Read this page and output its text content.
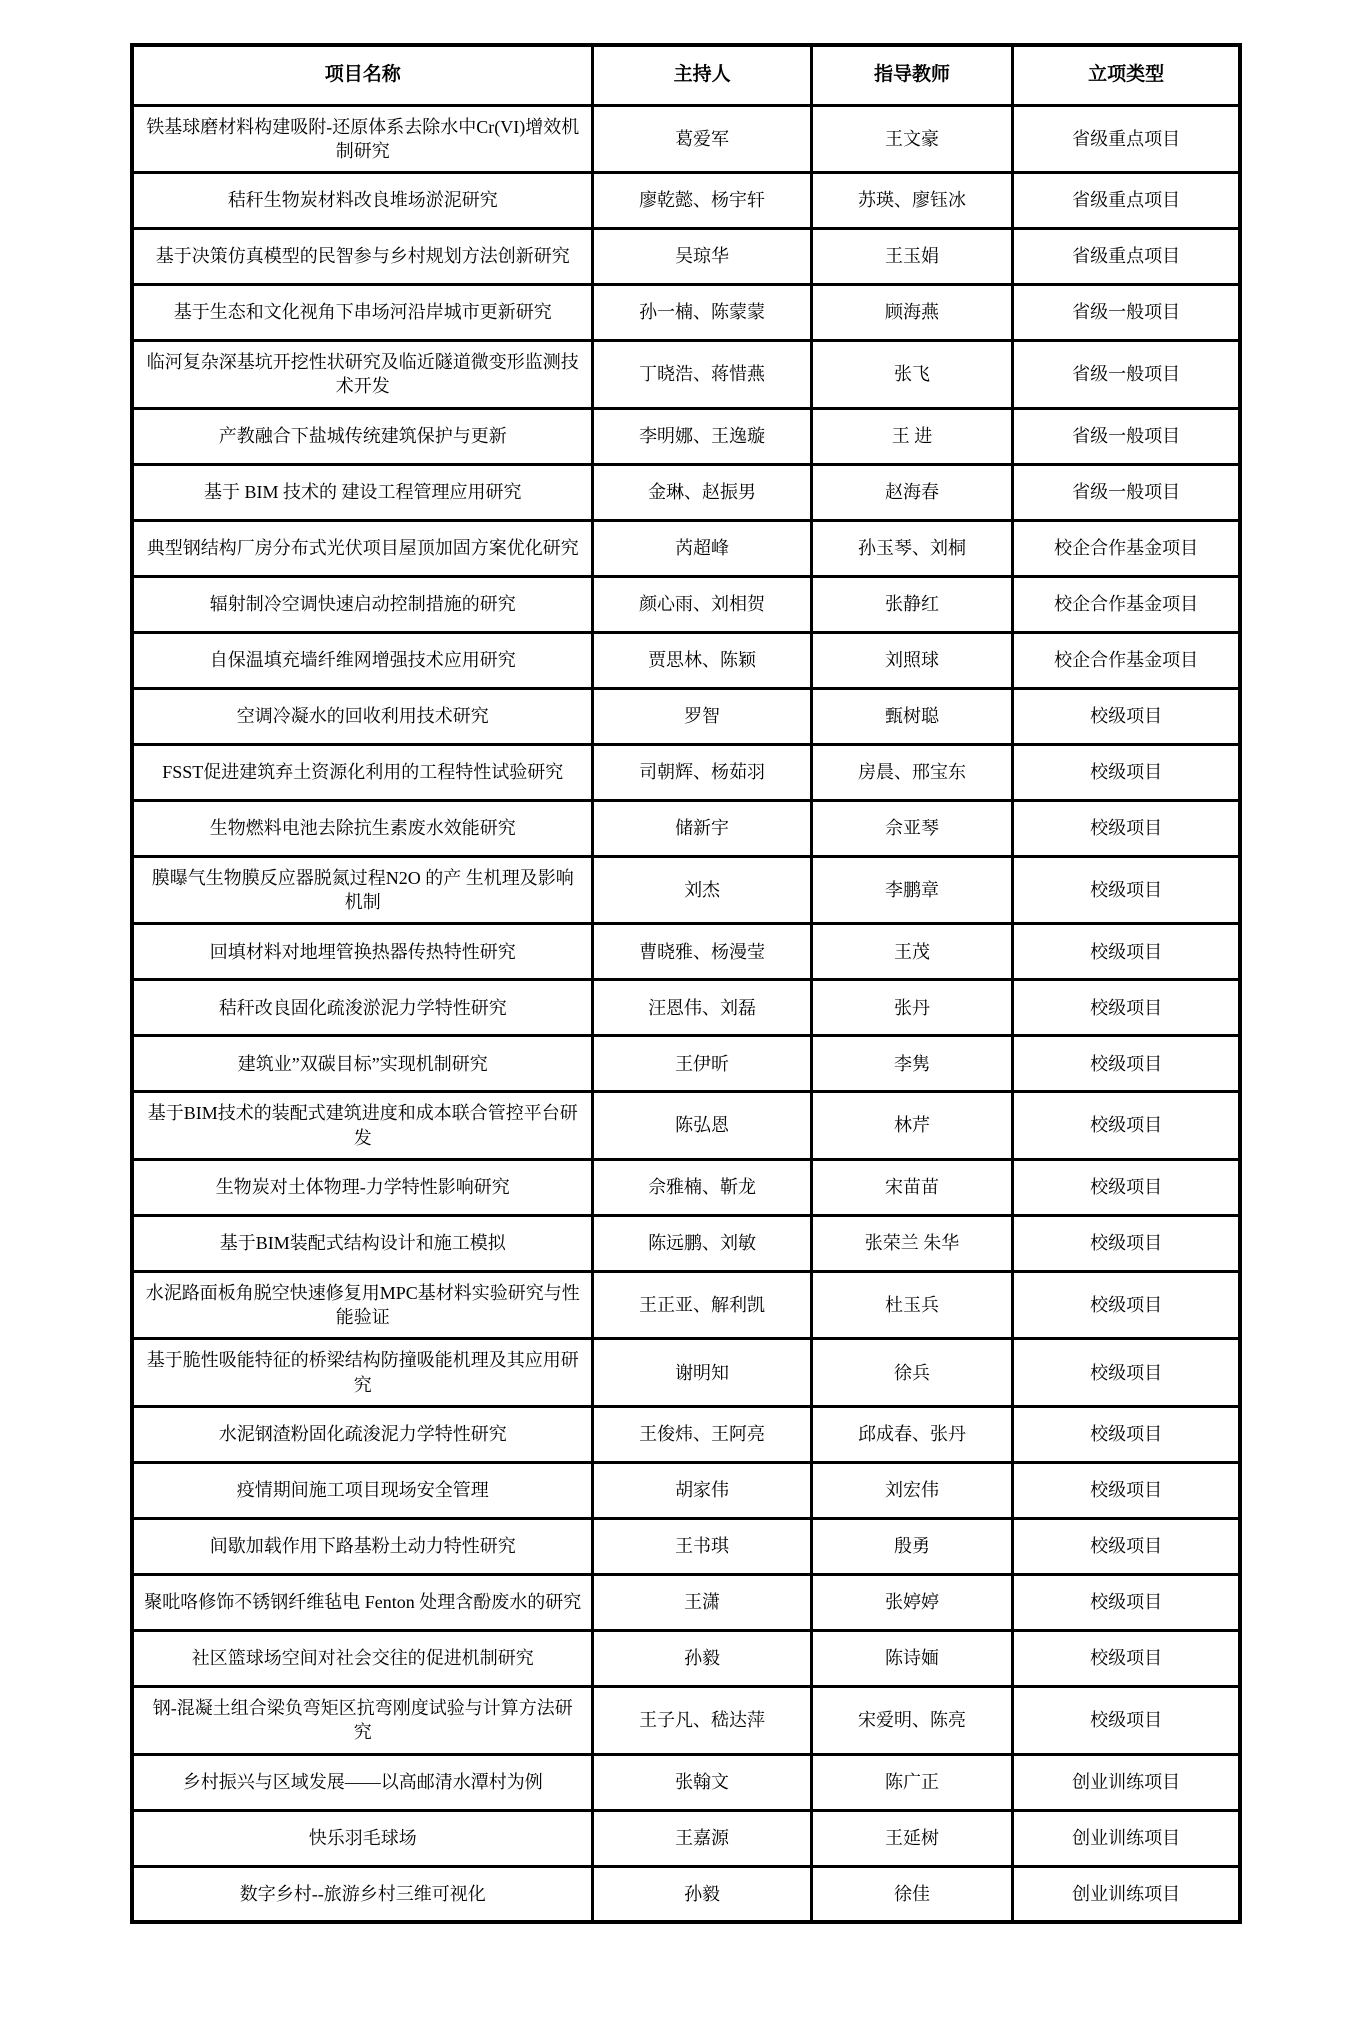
项目名称	主持人	指导教师	立项类型
铁基球磨材料构建吸附-还原体系去除水中Cr(VI)增效机制研究	葛爱军	王文豪	省级重点项目
秸秆生物炭材料改良堆场淤泥研究	廖乾懿、杨宇轩	苏瑛、廖钰冰	省级重点项目
基于决策仿真模型的民智参与乡村规划方法创新研究	吴琼华	王玉娟	省级重点项目
基于生态和文化视角下串场河沿岸城市更新研究	孙一楠、陈蒙蒙	顾海燕	省级一般项目
临河复杂深基坑开挖性状研究及临近隧道微变形监测技术开发	丁晓浩、蒋惜燕	张飞	省级一般项目
产教融合下盐城传统建筑保护与更新	李明娜、王逸璇	王 进	省级一般项目
基于 BIM 技术的 建设工程管理应用研究	金琳、赵振男	赵海春	省级一般项目
典型钢结构厂房分布式光伏项目屋顶加固方案优化研究	芮超峰	孙玉琴、刘桐	校企合作基金项目
辐射制冷空调快速启动控制措施的研究	颜心雨、刘相贺	张静红	校企合作基金项目
自保温填充墙纤维网增强技术应用研究	贾思林、陈颖	刘照球	校企合作基金项目
空调冷凝水的回收利用技术研究	罗智	甄树聪	校级项目
FSST促进建筑弃土资源化利用的工程特性试验研究	司朝辉、杨茹羽	房晨、邢宝东	校级项目
生物燃料电池去除抗生素废水效能研究	储新宇	佘亚琴	校级项目
膜曝气生物膜反应器脱氮过程N2O 的产 生机理及影响机制	刘杰	李鹏章	校级项目
回填材料对地埋管换热器传热特性研究	曹晓雅、杨漫莹	王茂	校级项目
秸秆改良固化疏浚淤泥力学特性研究	汪恩伟、刘磊	张丹	校级项目
建筑业”双碳目标”实现机制研究	王伊昕	李隽	校级项目
基于BIM技术的装配式建筑进度和成本联合管控平台研发	陈弘恩	林芹	校级项目
生物炭对土体物理-力学特性影响研究	佘雅楠、靳龙	宋苗苗	校级项目
基于BIM装配式结构设计和施工模拟	陈远鹏、刘敏	张荣兰 朱华	校级项目
水泥路面板角脱空快速修复用MPC基材料实验研究与性能验证	王正亚、解利凯	杜玉兵	校级项目
基于脆性吸能特征的桥梁结构防撞吸能机理及其应用研究	谢明知	徐兵	校级项目
水泥钢渣粉固化疏浚泥力学特性研究	王俊炜、王阿亮	邱成春、张丹	校级项目
疫情期间施工项目现场安全管理	胡家伟	刘宏伟	校级项目
间歇加载作用下路基粉土动力特性研究	王书琪	殷勇	校级项目
聚吡咯修饰不锈钢纤维毡电 Fenton 处理含酚废水的研究	王潇	张婷婷	校级项目
社区篮球场空间对社会交往的促进机制研究	孙毅	陈诗媔	校级项目
钢-混凝土组合梁负弯矩区抗弯刚度试验与计算方法研究	王子凡、嵇达萍	宋爱明、陈亮	校级项目
乡村振兴与区域发展——以高邮清水潭村为例	张翰文	陈广正	创业训练项目
快乐羽毛球场	王嘉源	王延树	创业训练项目
数字乡村--旅游乡村三维可视化	孙毅	徐佳	创业训练项目
